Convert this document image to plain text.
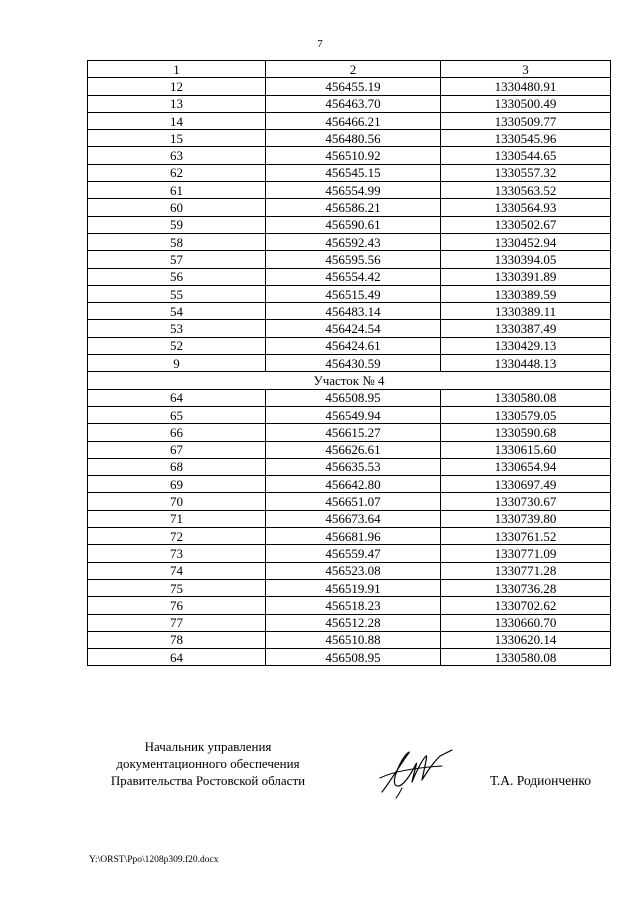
7
1	2	3
12	456455.19	1330480.91
13	456463.70	1330500.49
14	456466.21	1330509.77
15	456480.56	1330545.96
63	456510.92	1330544.65
62	456545.15	1330557.32
61	456554.99	1330563.52
60	456586.21	1330564.93
59	456590.61	1330502.67
58	456592.43	1330452.94
57	456595.56	1330394.05
56	456554.42	1330391.89
55	456515.49	1330389.59
54	456483.14	1330389.11
53	456424.54	1330387.49
52	456424.61	1330429.13
9	456430.59	1330448.13
Участок № 4		
64	456508.95	1330580.08
65	456549.94	1330579.05
66	456615.27	1330590.68
67	456626.61	1330615.60
68	456635.53	1330654.94
69	456642.80	1330697.49
70	456651.07	1330730.67
71	456673.64	1330739.80
72	456681.96	1330761.52
73	456559.47	1330771.09
74	456523.08	1330771.28
75	456519.91	1330736.28
76	456518.23	1330702.62
77	456512.28	1330660.70
78	456510.88	1330620.14
64	456508.95	1330580.08
Начальник управления
документационного обеспечения
Правительства Ростовской области	Т.А. Родионченко
Y:\ORST\Ppo\1208p309.f20.docx
